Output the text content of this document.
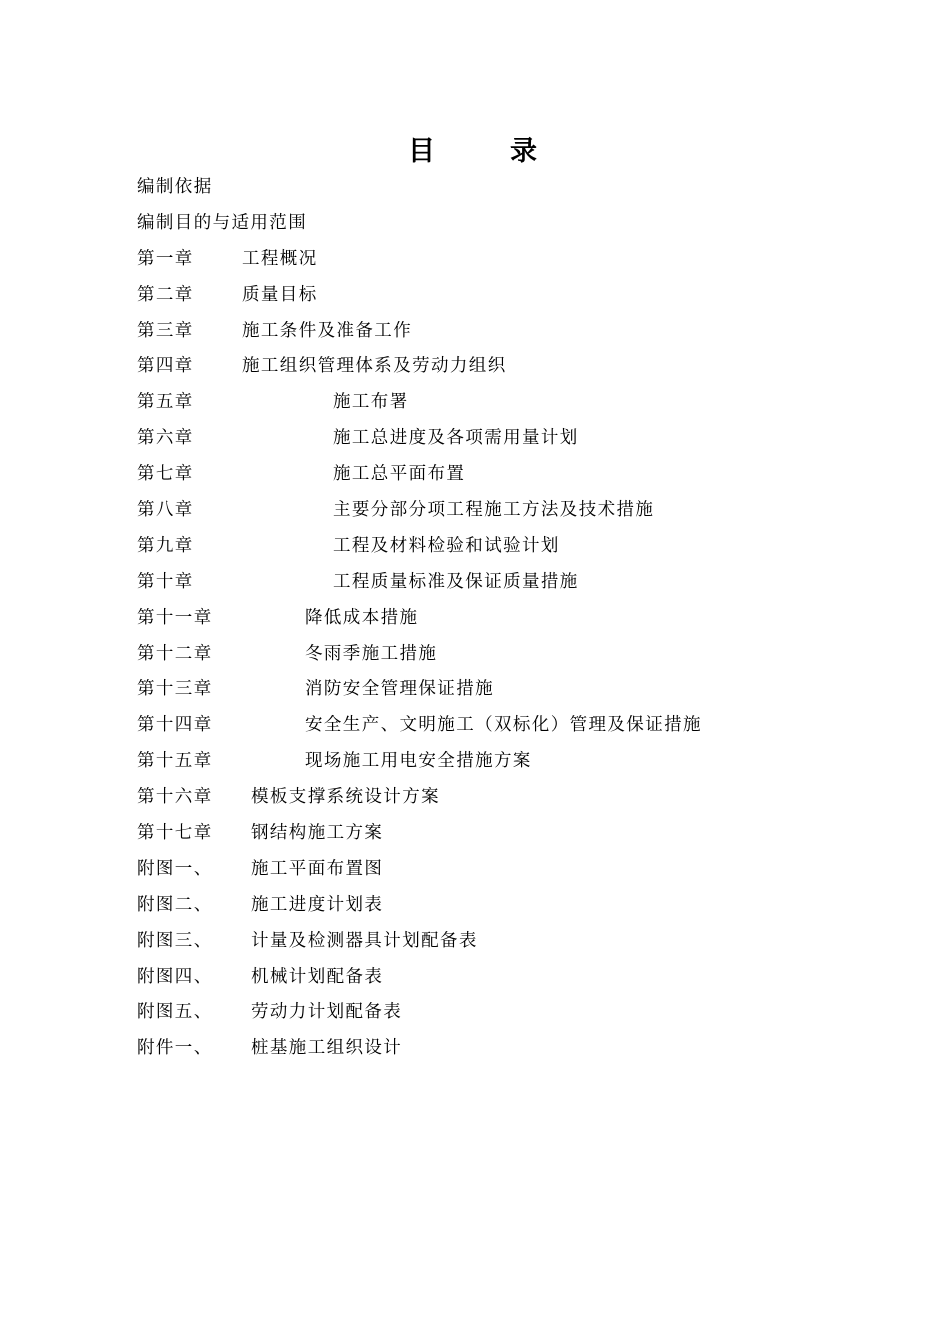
目	录
编制依据
编制目的与适用范围
第一章	工程概况
第二章	质量目标
第三章	施工条件及准备工作
第四章	施工组织管理体系及劳动力组织
第五章	施工布署
第六章	施工总进度及各项需用量计划
第七章	施工总平面布置
第八章	主要分部分项工程施工方法及技术措施
第九章	工程及材料检验和试验计划
第十章	工程质量标准及保证质量措施
第十一章	降低成本措施
第十二章	冬雨季施工措施
第十三章	消防安全管理保证措施
第十四章	安全生产、文明施工（双标化）管理及保证措施
第十五章	现场施工用电安全措施方案
第十六章 模板支撑系统设计方案
第十七章 钢结构施工方案
附图一、 施工平面布置图
附图二、 施工进度计划表
附图三、 计量及检测器具计划配备表
附图四、 机械计划配备表
附图五、 劳动力计划配备表
附件一、 桩基施工组织设计
